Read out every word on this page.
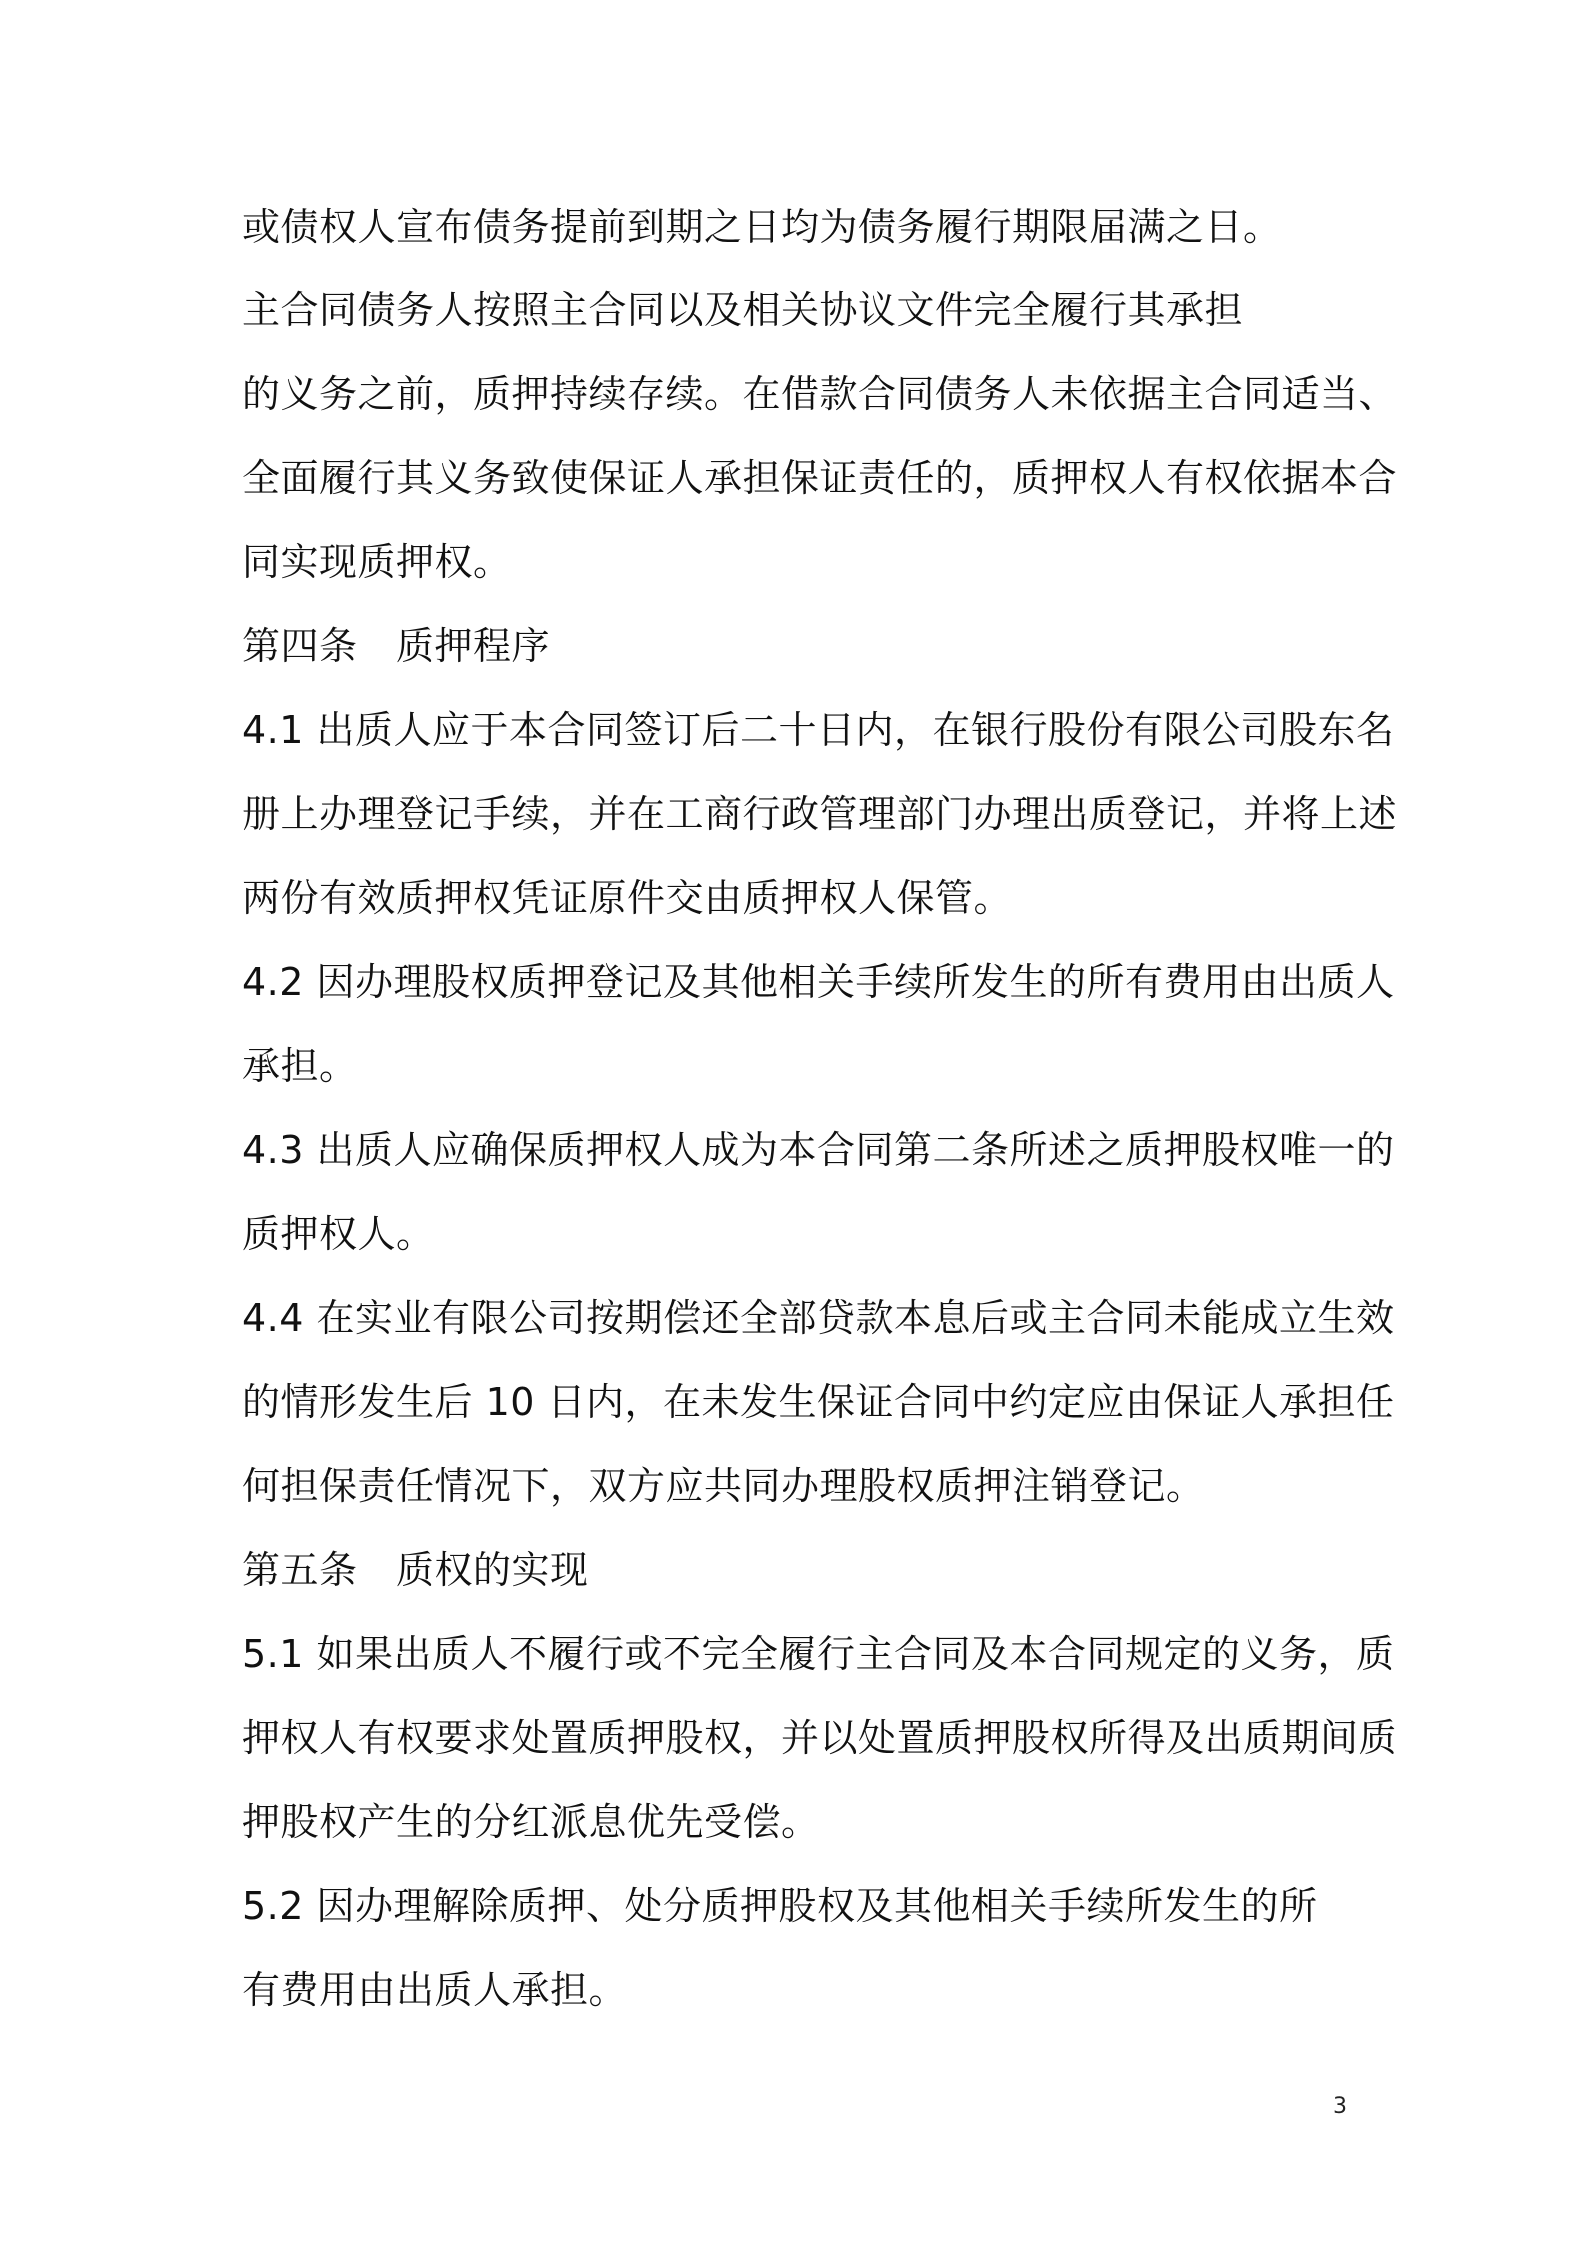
或债权人宣布债务提前到期之日均为债务履行期限届满之日。
主合同债务人按照主合同以及相关协议文件完全履行其承担
的义务之前，质押持续存续。在借款合同债务人未依据主合同适当、
全面履行其义务致使保证人承担保证责任的，质押权人有权依据本合
同实现质押权。
第四条　质押程序
4.1 出质人应于本合同签订后二十日内，在银行股份有限公司股东名
册上办理登记手续，并在工商行政管理部门办理出质登记，并将上述
两份有效质押权凭证原件交由质押权人保管。
4.2 因办理股权质押登记及其他相关手续所发生的所有费用由出质人
承担。
4.3 出质人应确保质押权人成为本合同第二条所述之质押股权唯一的
质押权人。
4.4 在实业有限公司按期偿还全部贷款本息后或主合同未能成立生效
的情形发生后 10 日内，在未发生保证合同中约定应由保证人承担任
何担保责任情况下，双方应共同办理股权质押注销登记。
第五条　质权的实现
5.1 如果出质人不履行或不完全履行主合同及本合同规定的义务，质
押权人有权要求处置质押股权，并以处置质押股权所得及出质期间质
押股权产生的分红派息优先受偿。
5.2 因办理解除质押、处分质押股权及其他相关手续所发生的所
有费用由出质人承担。
3
